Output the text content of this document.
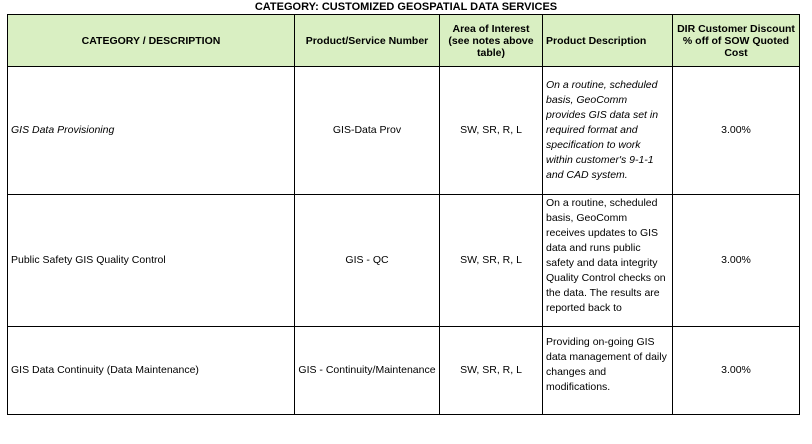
CATEGORY: CUSTOMIZED GEOSPATIAL DATA SERVICES
CATEGORY / DESCRIPTION	Product/Service Number	Area of Interest (see notes above table)	Product Description	DIR Customer Discount % off of SOW Quoted Cost
GIS Data Provisioning	GIS-Data Prov	SW, SR, R, L	On a routine, scheduled basis, GeoComm provides GIS data set in required format and specification to work within customer's 9-1-1 and CAD system.	3.00%
Public Safety GIS Quality Control	GIS - QC	SW, SR, R, L	On a routine, scheduled basis, GeoComm receives updates to GIS data and runs public safety and data integrity Quality Control checks on the data. The results are reported back to	3.00%
GIS Data Continuity (Data Maintenance)	GIS - Continuity/Maintenance	SW, SR, R, L	Providing on-going GIS data management of daily changes and modifications.	3.00%
